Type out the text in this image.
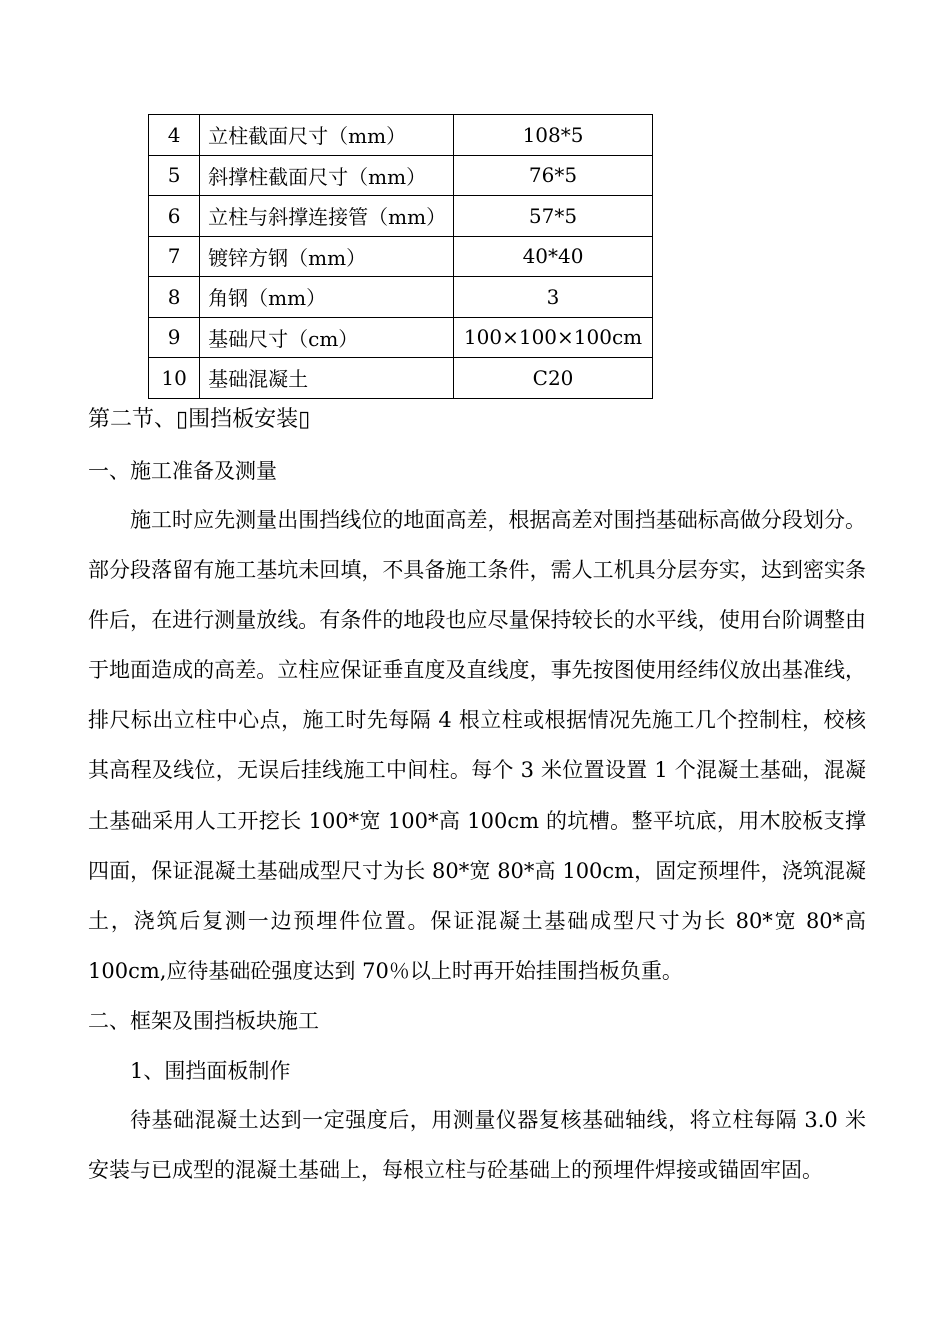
4	立柱截面尺寸（mm）	108*5
5	斜撑柱截面尺寸（mm）	76*5
6	立柱与斜撑连接管（mm）	57*5
7	镀锌方钢（mm）	40*40
8	角钢（mm）	3
9	基础尺寸（cm）	100×100×100cm
10	基础混凝土	C20
第二节、▯围挡板安装▯
一、施工准备及测量

施工时应先测量出围挡线位的地面高差，根据高差对围挡基础标高做分段划分。部分段落留有施工基坑未回填，不具备施工条件，需人工机具分层夯实，达到密实条件后，在进行测量放线。有条件的地段也应尽量保持较长的水平线，使用台阶调整由于地面造成的高差。立柱应保证垂直度及直线度，事先按图使用经纬仪放出基准线，排尺标出立柱中心点，施工时先每隔 4 根立柱或根据情况先施工几个控制柱，校核其高程及线位，无误后挂线施工中间柱。每个 3 米位置设置 1 个混凝土基础，混凝土基础采用人工开挖长 100*宽 100*高 100cm 的坑槽。整平坑底，用木胶板支撑四面，保证混凝土基础成型尺寸为长 80*宽 80*高 100cm，固定预埋件，浇筑混凝土，浇筑后复测一边预埋件位置。保证混凝土基础成型尺寸为长 80*宽 80*高 100cm,应待基础砼强度达到 70％以上时再开始挂围挡板负重。

二、框架及围挡板块施工
1、围挡面板制作

待基础混凝土达到一定强度后，用测量仪器复核基础轴线，将立柱每隔 3.0 米安装与已成型的混凝土基础上，每根立柱与砼基础上的预埋件焊接或锚固牢固。
